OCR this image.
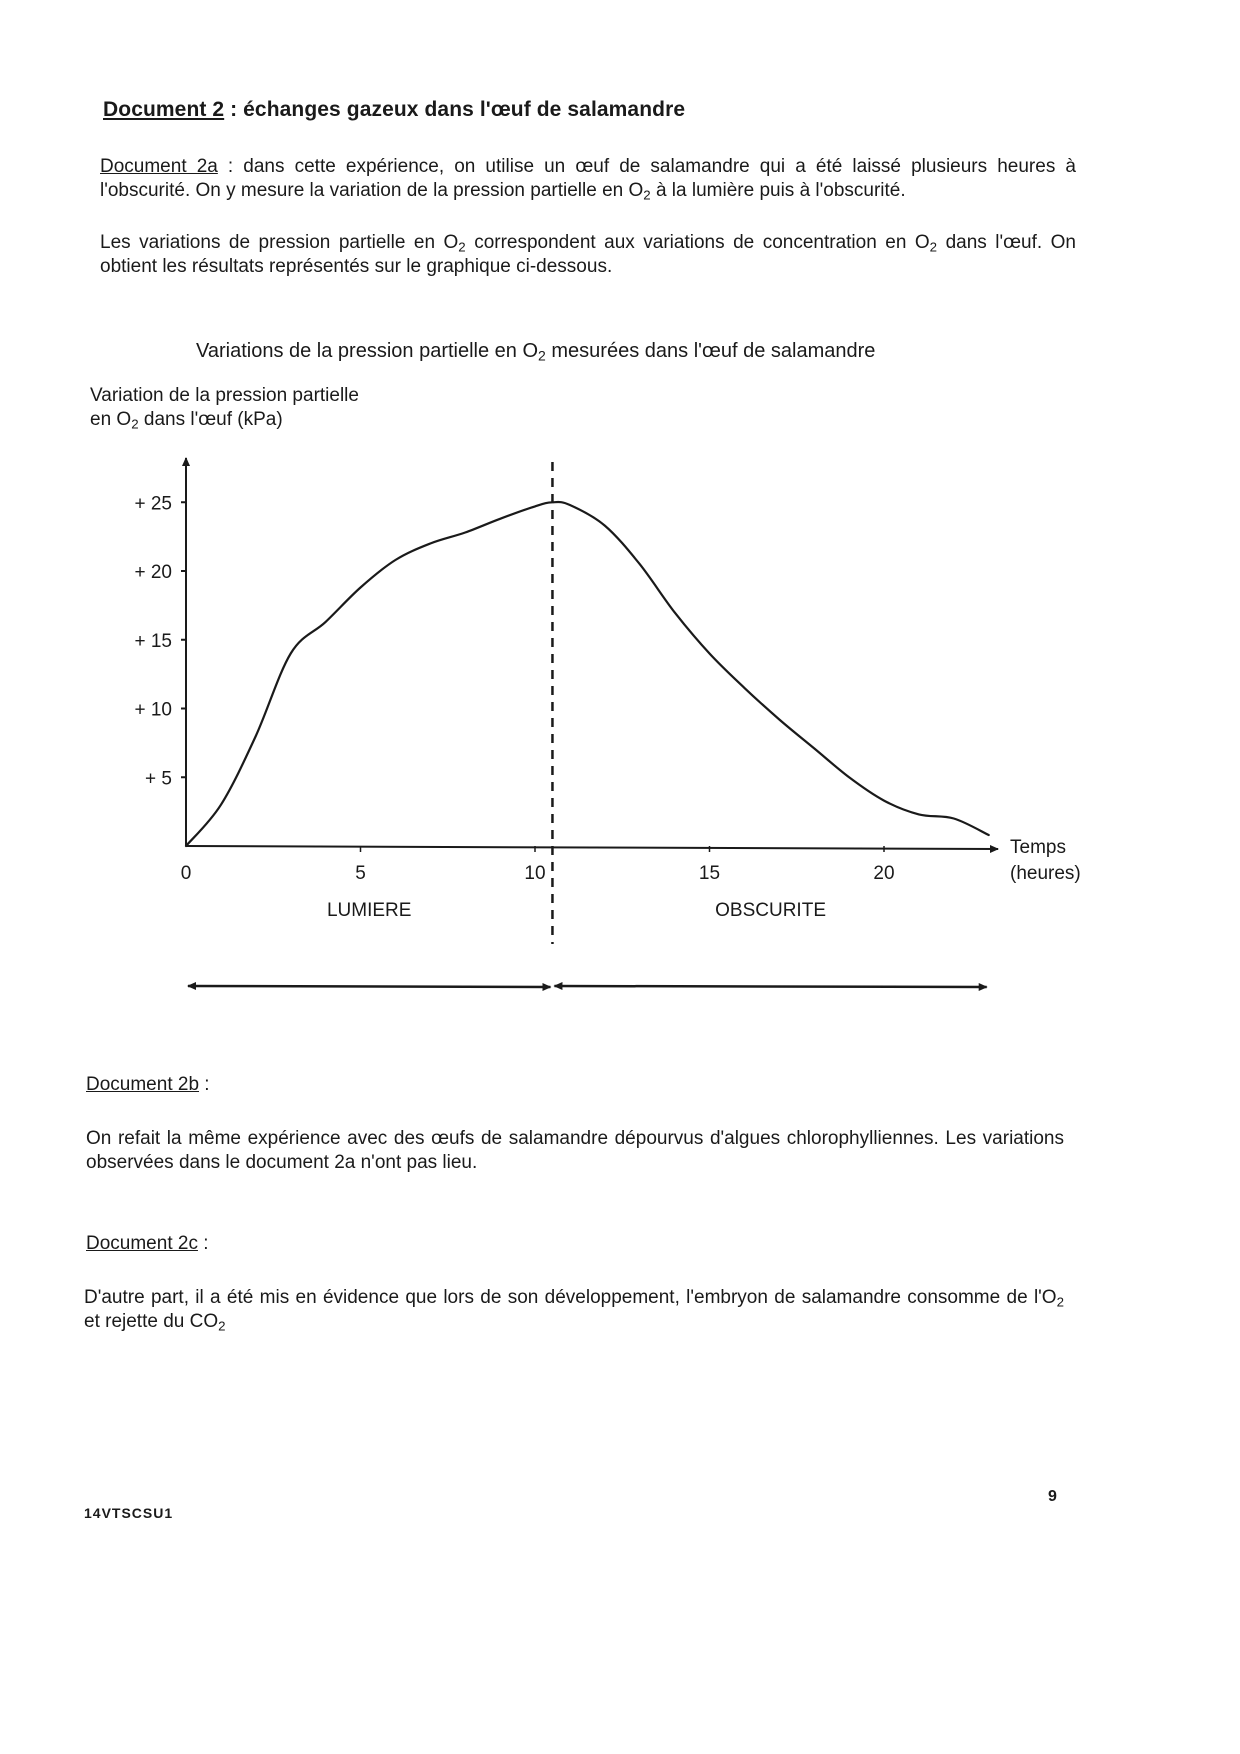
Document 2 : échanges gazeux dans l'œuf de salamandre
Document 2a : dans cette expérience, on utilise un œuf de salamandre qui a été laissé plusieurs heures à l'obscurité. On y mesure la variation de la pression partielle en $O_2$ à la lumière puis à l'obscurité.
Les variations de pression partielle en $O_2$ correspondent aux variations de concentration en $O_2$ dans l'œuf. On obtient les résultats représentés sur le graphique ci-dessous.
Variations de la pression partielle en $O_2$ mesurées dans l'œuf de salamandre
Variation de la pression partielle
en $O_2$ dans l'œuf (kPa)
+ 5
+ 10
+ 15
+ 20
+ 25
0	5	10	15	20
Temps
(heures)
LUMIERE	OBSCURITE
Document 2b :
On refait la même expérience avec des œufs de salamandre dépourvus d'algues chlorophylliennes. Les variations observées dans le document 2a n'ont pas lieu.
Document 2c :
D'autre part, il a été mis en évidence que lors de son développement, l'embryon de salamandre consomme de $l'O_2$ et rejette du $CO_2$
14VTSCSU1
9
